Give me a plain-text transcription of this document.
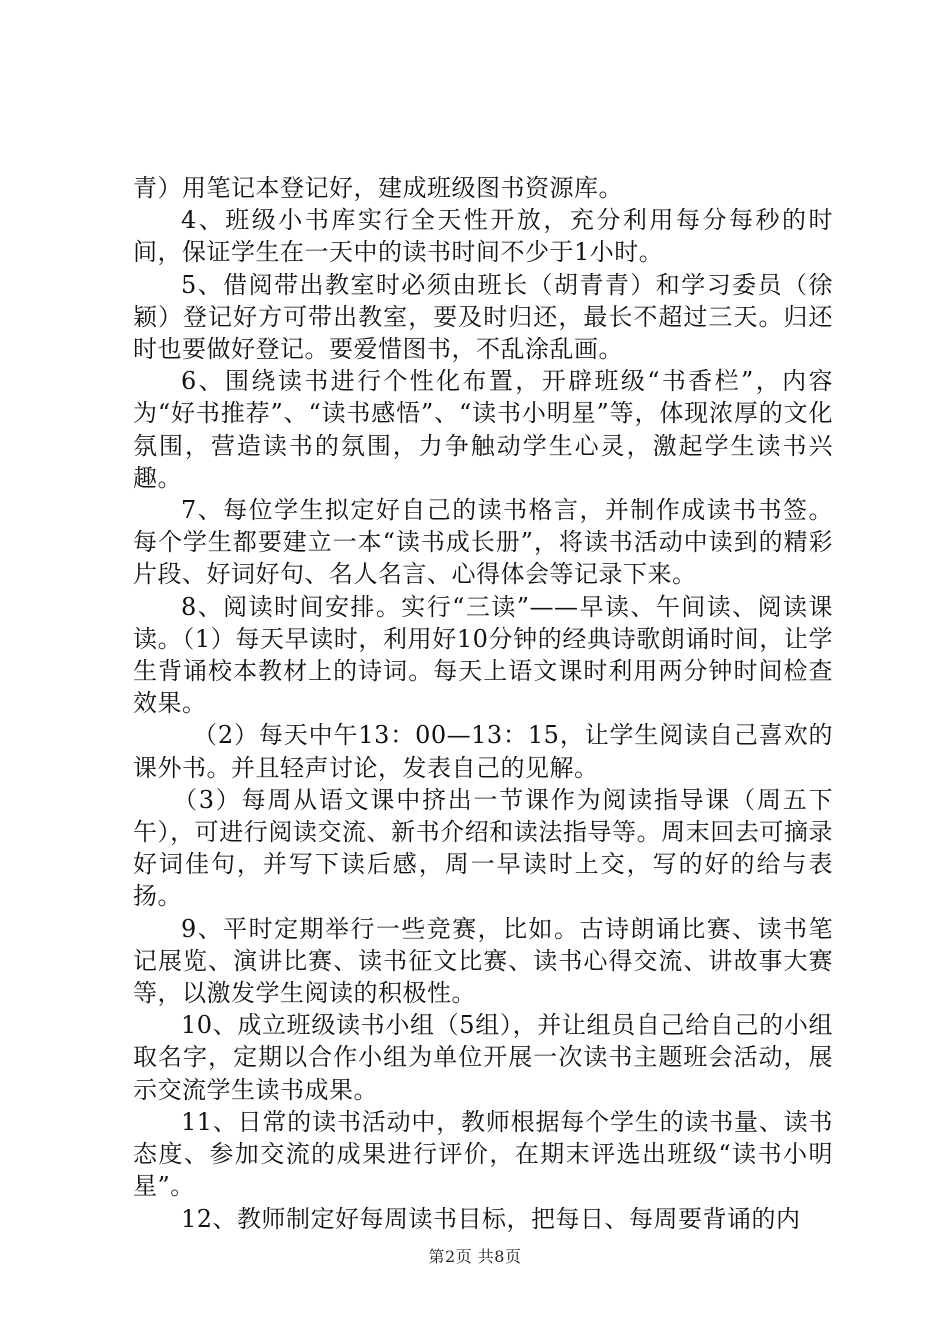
青）用笔记本登记好，建成班级图书资源库。

4、班级小书库实行全天性开放，充分利用每分每秒的时间，保证学生在一天中的读书时间不少于1小时。

5、借阅带出教室时必须由班长（胡青青）和学习委员（徐颖）登记好方可带出教室，要及时归还，最长不超过三天。归还时也要做好登记。要爱惜图书，不乱涂乱画。

6、围绕读书进行个性化布置，开辟班级“书香栏”，内容为“好书推荐”、“读书感悟”、“读书小明星”等，体现浓厚的文化氛围，营造读书的氛围，力争触动学生心灵，激起学生读书兴趣。

7、每位学生拟定好自己的读书格言，并制作成读书书签。每个学生都要建立一本“读书成长册”，将读书活动中读到的精彩片段、好词好句、名人名言、心得体会等记录下来。

8、阅读时间安排。实行“三读”——早读、午间读、阅读课读。（1）每天早读时，利用好10分钟的经典诗歌朗诵时间，让学生背诵校本教材上的诗词。每天上语文课时利用两分钟时间检查效果。

（2）每天中午13：00—13：15，让学生阅读自己喜欢的课外书。并且轻声讨论，发表自己的见解。

（3）每周从语文课中挤出一节课作为阅读指导课（周五下午），可进行阅读交流、新书介绍和读法指导等。周末回去可摘录好词佳句，并写下读后感，周一早读时上交，写的好的给与表扬。

9、平时定期举行一些竞赛，比如。古诗朗诵比赛、读书笔记展览、演讲比赛、读书征文比赛、读书心得交流、讲故事大赛等，以激发学生阅读的积极性。

10、成立班级读书小组（5组），并让组员自己给自己的小组取名字，定期以合作小组为单位开展一次读书主题班会活动，展示交流学生读书成果。

11、日常的读书活动中，教师根据每个学生的读书量、读书态度、参加交流的成果进行评价，在期末评选出班级“读书小明星”。

12、教师制定好每周读书目标，把每日、每周要背诵的内

第2页 共8页
